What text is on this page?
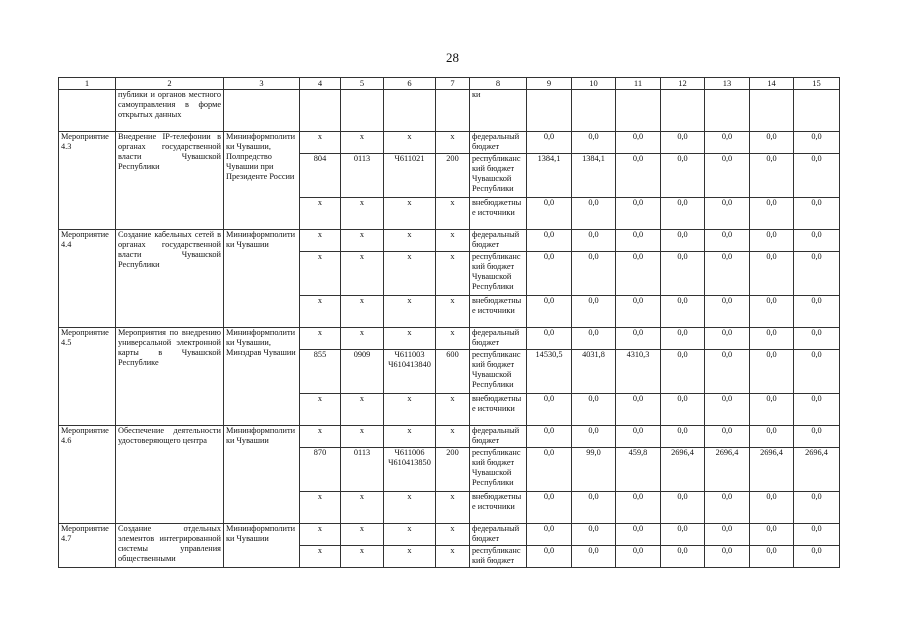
28
1	2	3	4	5	6	7	8	9	10	11	12	13	14	15
	публики и органов местного самоуправления в форме открытых данных						ки							
Мероприятие 4.3	Внедрение IP-телефонии в органах государственной власти Чувашской Республики	Мининформполитики Чувашии, Полпредство Чувашии при Президенте России	x	x	x	x	федеральный бюджет	0,0	0,0	0,0	0,0	0,0	0,0	0,0
			804	0113	Ч611021	200	республиканский бюджет Чувашской Республики	1384,1	1384,1	0,0	0,0	0,0	0,0	0,0
			x	x	x	x	внебюджетные источники	0,0	0,0	0,0	0,0	0,0	0,0	0,0
Мероприятие 4.4	Создание кабельных сетей в органах государственной власти Чувашской Республики	Мининформполитики Чувашии	x	x	x	x	федеральный бюджет	0,0	0,0	0,0	0,0	0,0	0,0	0,0
			x	x	x	x	республиканский бюджет Чувашской Республики	0,0	0,0	0,0	0,0	0,0	0,0	0,0
			x	x	x	x	внебюджетные источники	0,0	0,0	0,0	0,0	0,0	0,0	0,0
Мероприятие 4.5	Мероприятия по внедрению универсальной электронной карты в Чувашской Республике	Мининформполитики Чувашии, Минздрав Чувашии	x	x	x	x	федеральный бюджет	0,0	0,0	0,0	0,0	0,0	0,0	0,0
			855	0909	Ч611003 Ч610413840	600	республиканский бюджет Чувашской Республики	14530,5	4031,8	4310,3	0,0	0,0	0,0	0,0
			x	x	x	x	внебюджетные источники	0,0	0,0	0,0	0,0	0,0	0,0	0,0
Мероприятие 4.6	Обеспечение деятельности удостоверяющего центра	Мининформполитики Чувашии	x	x	x	x	федеральный бюджет	0,0	0,0	0,0	0,0	0,0	0,0	0,0
			870	0113	Ч611006 Ч610413850	200	республиканский бюджет Чувашской Республики	0,0	99,0	459,8	2696,4	2696,4	2696,4	2696,4
			x	x	x	x	внебюджетные источники	0,0	0,0	0,0	0,0	0,0	0,0	0,0
Мероприятие 4.7	Создание отдельных элементов интегрированной системы управления общественными	Мининформполитики Чувашии	x	x	x	x	федеральный бюджет	0,0	0,0	0,0	0,0	0,0	0,0	0,0
			x	x	x	x	республиканский бюджет	0,0	0,0	0,0	0,0	0,0	0,0	0,0
